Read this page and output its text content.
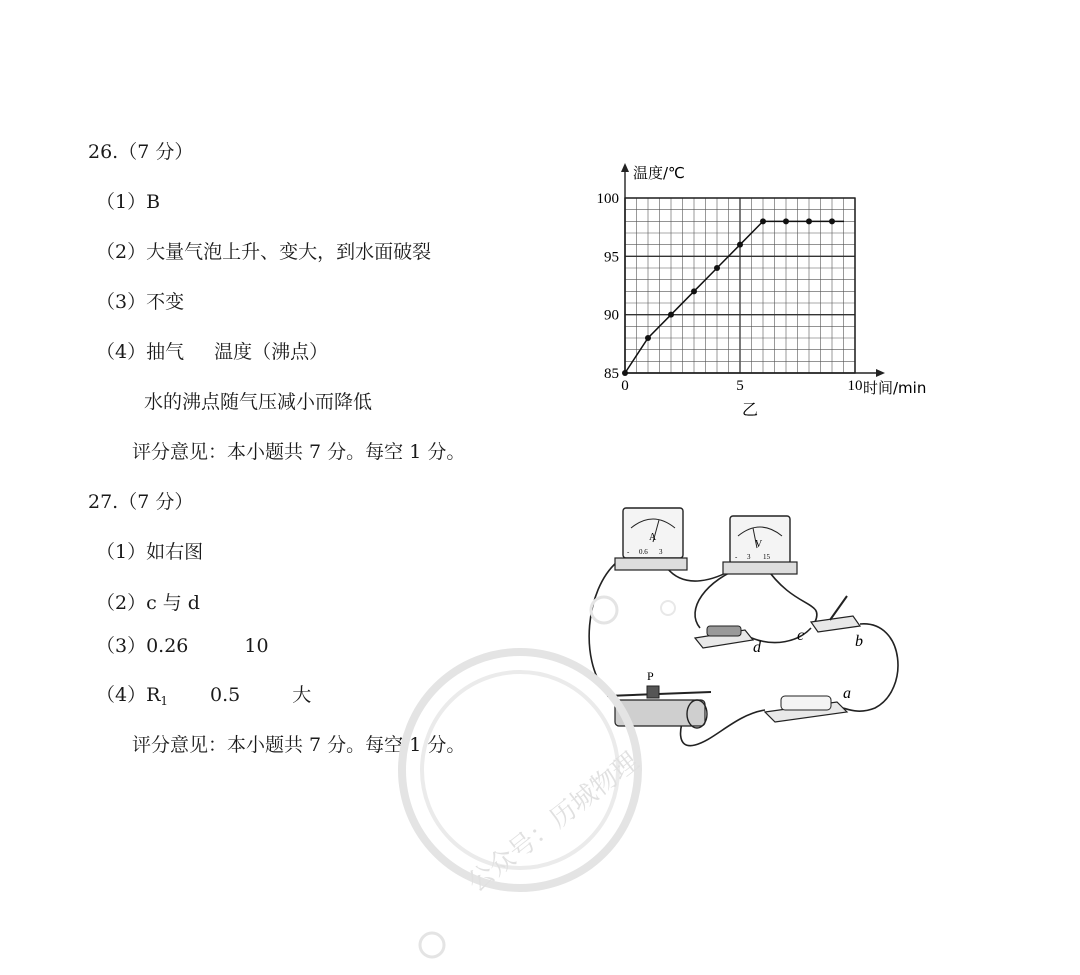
26.（7 分）
（1）B
（2）大量气泡上升、变大，到水面破裂
（3）不变
（4）抽气 温度（沸点）
水的沸点随气压减小而降低
评分意见：本小题共 7 分。每空 1 分。
27.（7 分）
（1）如右图
（2）c 与 d
（3）0.26	10
$(4)R_1$ 0.5	大
评分意见：本小题共 7 分。每空 1 分。
85
90
95
100
0	5	10
温度/℃
时间/min
乙
A
- 0.6 3
V
- 3 15
d
c	b
a
P
公众号：历城物理
